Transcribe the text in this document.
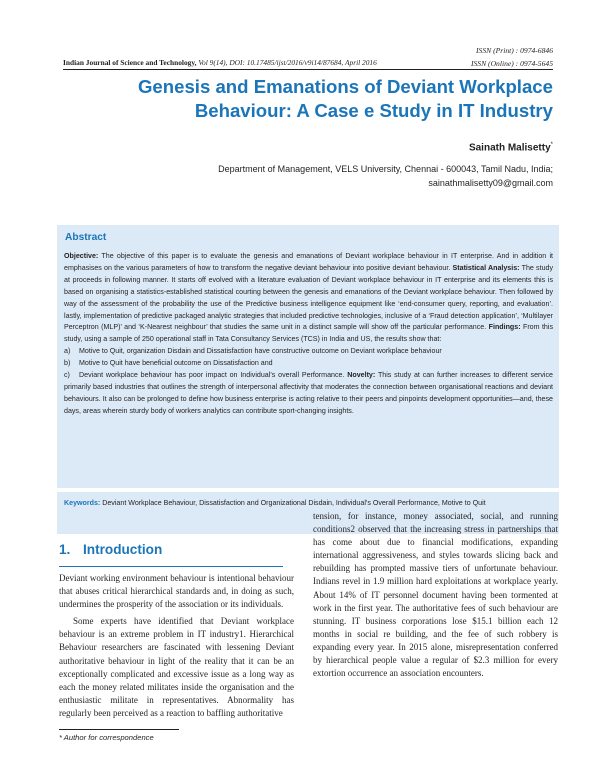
ISSN (Print) : 0974-6846
ISSN (Online) : 0974-5645
Indian Journal of Science and Technology, Vol 9(14), DOI: 10.17485/ijst/2016/v9i14/87684, April 2016
Genesis and Emanations of Deviant Workplace
Behaviour: A Case e Study in IT Industry
Sainath Malisetty*
Department of Management, VELS University, Chennai - 600043, Tamil Nadu, India;
sainathmalisetty09@gmail.com
Abstract
Objective: The objective of this paper is to evaluate the genesis and emanations of Deviant workplace behaviour in IT enterprise. And in addition it emphasises on the various parameters of how to transform the negative deviant behaviour into positive deviant behaviour. Statistical Analysis: The study at proceeds in following manner. It starts off evolved with a literature evaluation of Deviant workplace behaviour in IT enterprise and its elements this is based on organising a statistics-established statistical courting between the genesis and emanations of the Deviant workplace behaviour. Then followed by way of the assessment of the probability the use of the Predictive business intelligence equipment like ‘end-consumer query, reporting, and evaluation’. lastly, implementation of predictive packaged analytic strategies that included predictive technologies, inclusive of a ‘Fraud detection application’, ‘Multilayer Perceptron (MLP)’ and ‘K-Nearest neighbour’ that studies the same unit in a distinct sample will show off the particular performance. Findings: From this study, using a sample of 250 operational staff in Tata Consultancy Services (TCS) in India and US, the results show that:
a) Motive to Quit, organization Disdain and Dissatisfaction have constructive outcome on Deviant workplace behaviour
b) Motive to Quit have beneficial outcome on Dissatisfaction and
c) Deviant workplace behaviour has poor impact on Individual’s overall Performance. Novelty: This study at can further increases to different service primarily based industries that outlines the strength of interpersonal affectivity that moderates the connection between organisational reactions and deviant behaviours. It also can be prolonged to define how business enterprise is acting relative to their peers and pinpoints development opportunities—and, these days, areas wherein sturdy body of workers analytics can contribute sport-changing insights.
Keywords: Deviant Workplace Behaviour, Dissatisfaction and Organizational Disdain, Individual’s Overall Performance, Motive to Quit
1. Introduction

Deviant working environment behaviour is intentional behaviour that abuses critical hierarchical standards and, in doing as such, undermines the prosperity of the association or its individuals.

Some experts have identified that Deviant workplace behaviour is an extreme problem in IT industry1. Hierarchical Behaviour researchers are fascinated with lessening Deviant authoritative behaviour in light of the reality that it can be an exceptionally complicated and excessive issue as a long way as each the money related militates inside the organisation and the enthusiastic militate in representatives. Abnormality has regularly been perceived as a reaction to baffling authoritative

tension, for instance, money associated, social, and running conditions2 observed that the increasing stress in partnerships that has come about due to financial modifications, expanding international aggressiveness, and styles towards slicing back and rebuilding has prompted massive tiers of unfortunate behaviour. Indians revel in 1.9 million hard exploitations at workplace yearly. About 14% of IT personnel document having been tormented at work in the first year. The authoritative fees of such behaviour are stunning. IT business corporations lose $15.1 billion each 12 months in social re building, and the fee of such robbery is expanding every year. In 2015 alone, misrepresentation conferred by hierarchical people value a regular of $2.3 million for every extortion occurrence an association encounters.

* Author for correspondence
